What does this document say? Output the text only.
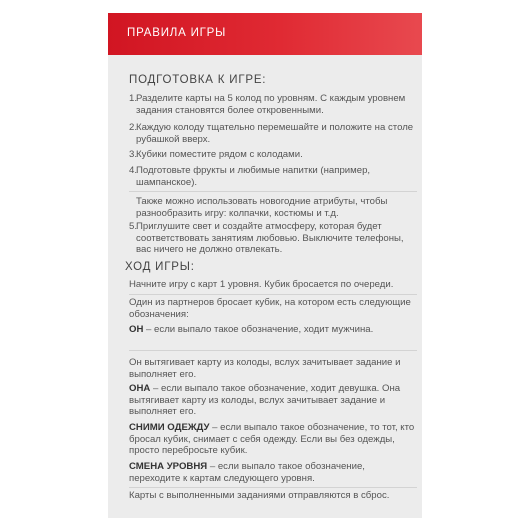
ПРАВИЛА ИГРЫ
ПОДГОТОВКА К ИГРЕ:
1.
Разделите карты на 5 колод по уровням. С каждым уровнем задания становятся более откровенными.
2.
Каждую колоду тщательно перемешайте и положите на столе рубашкой вверх.
3.
Кубики поместите рядом с колодами.
4.
Подготовьте фрукты и любимые напитки (например, шампанское).
Также можно использовать новогодние атрибуты, чтобы разнообразить игру: колпачки, костюмы и т.д.
5.
Приглушите свет и создайте атмосферу, которая будет соответствовать занятиям любовью. Выключите телефоны, вас ничего не должно отвлекать.
ХОД ИГРЫ:
Начните игру с карт 1 уровня. Кубик бросается по очереди.
Один из партнеров бросает кубик, на котором есть следующие обозначения:
ОН – если выпало такое обозначение, ходит мужчина.
Он вытягивает карту из колоды, вслух зачитывает задание и выполняет его.
ОНА – если выпало такое обозначение, ходит девушка. Она вытягивает карту из колоды, вслух зачитывает задание и выполняет его.
СНИМИ ОДЕЖДУ – если выпало такое обозначение, то тот, кто бросал кубик, снимает с себя одежду. Если вы без одежды, просто перебросьте кубик.
СМЕНА УРОВНЯ – если выпало такое обозначение, переходите к картам следующего уровня.
Карты с выполненными заданиями отправляются в сброс.
